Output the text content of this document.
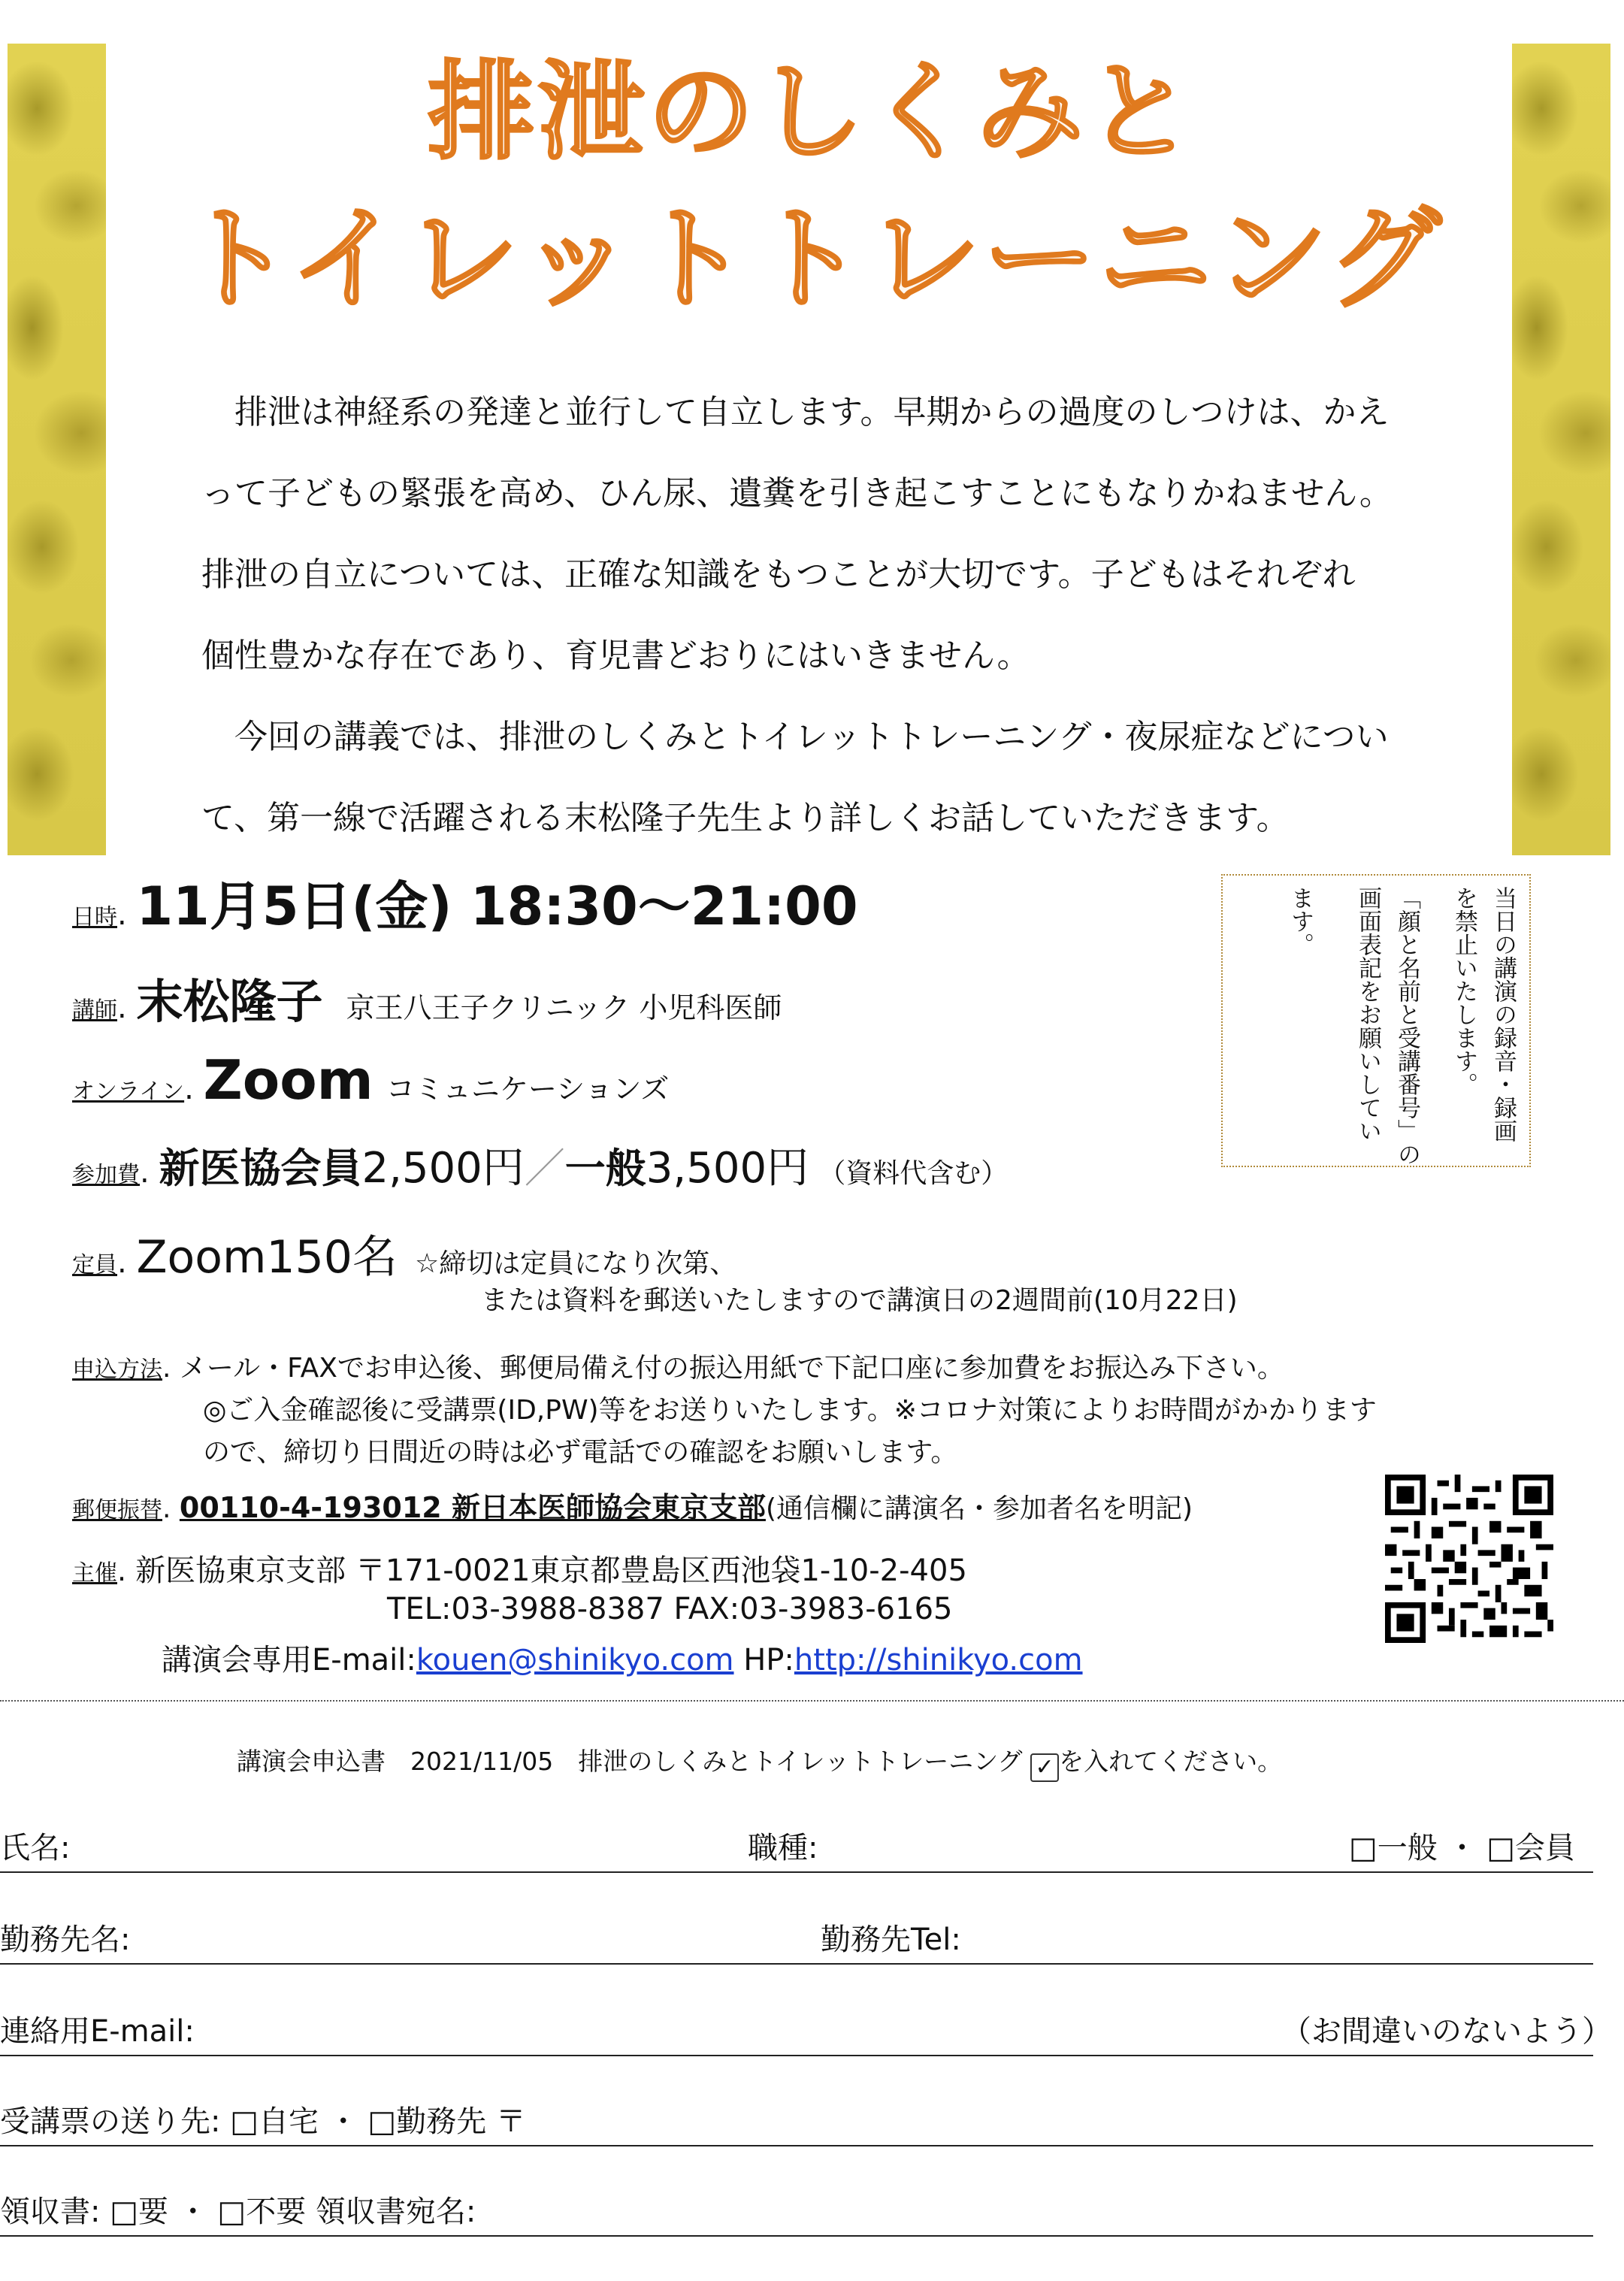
排泄のしくみと
トイレットトレーニング
　排泄は神経系の発達と並行して自立します。早期からの過度のしつけは、かえ
って子どもの緊張を高め、ひん尿、遺糞を引き起こすことにもなりかねません。
排泄の自立については、正確な知識をもつことが大切です。子どもはそれぞれ
個性豊かな存在であり、育児書どおりにはいきません。
　今回の講義では、排泄のしくみとトイレットトレーニング・夜尿症などについ
て、第一線で活躍される末松隆子先生より詳しくお話していただきます。
日時. 11月5日(金) 18:30〜21:00
講師. 末松隆子 京王八王子クリニック 小児科医師
オンライン. Zoom コミュニケーションズ
参加費. 新医協会員2,500円／一般3,500円 （資料代含む）
定員. Zoom150名 ☆締切は定員になり次第、
または資料を郵送いたしますので講演日の2週間前(10月22日)
申込方法. メール・FAXでお申込後、郵便局備え付の振込用紙で下記口座に参加費をお振込み下さい。
◎ご入金確認後に受講票(ID,PW)等をお送りいたします。※コロナ対策によりお時間がかかります
ので、締切り日間近の時は必ず電話での確認をお願いします。
郵便振替. 00110-4-193012 新日本医師協会東京支部(通信欄に講演名・参加者名を明記)
主催. 新医協東京支部 〒171-0021東京都豊島区西池袋1-10-2-405
TEL:03-3988-8387 FAX:03-3983-6165
講演会専用E-mail:kouen@shinikyo.com HP:http://shinikyo.com
当日の講演の録音・録画
を禁止いたします。
「顔と名前と受講番号」の
画面表記をお願いしてい
ます。
講演会申込書　2021/11/05　排泄のしくみとトイレットトレーニング ✓ を入れてください。
氏名:	職種:	□一般 ・ □会員
勤務先名:	勤務先Tel:
連絡用E-mail:	（お間違いのないよう）
受講票の送り先: □自宅 ・ □勤務先 〒
領収書: □要 ・ □不要 領収書宛名:
